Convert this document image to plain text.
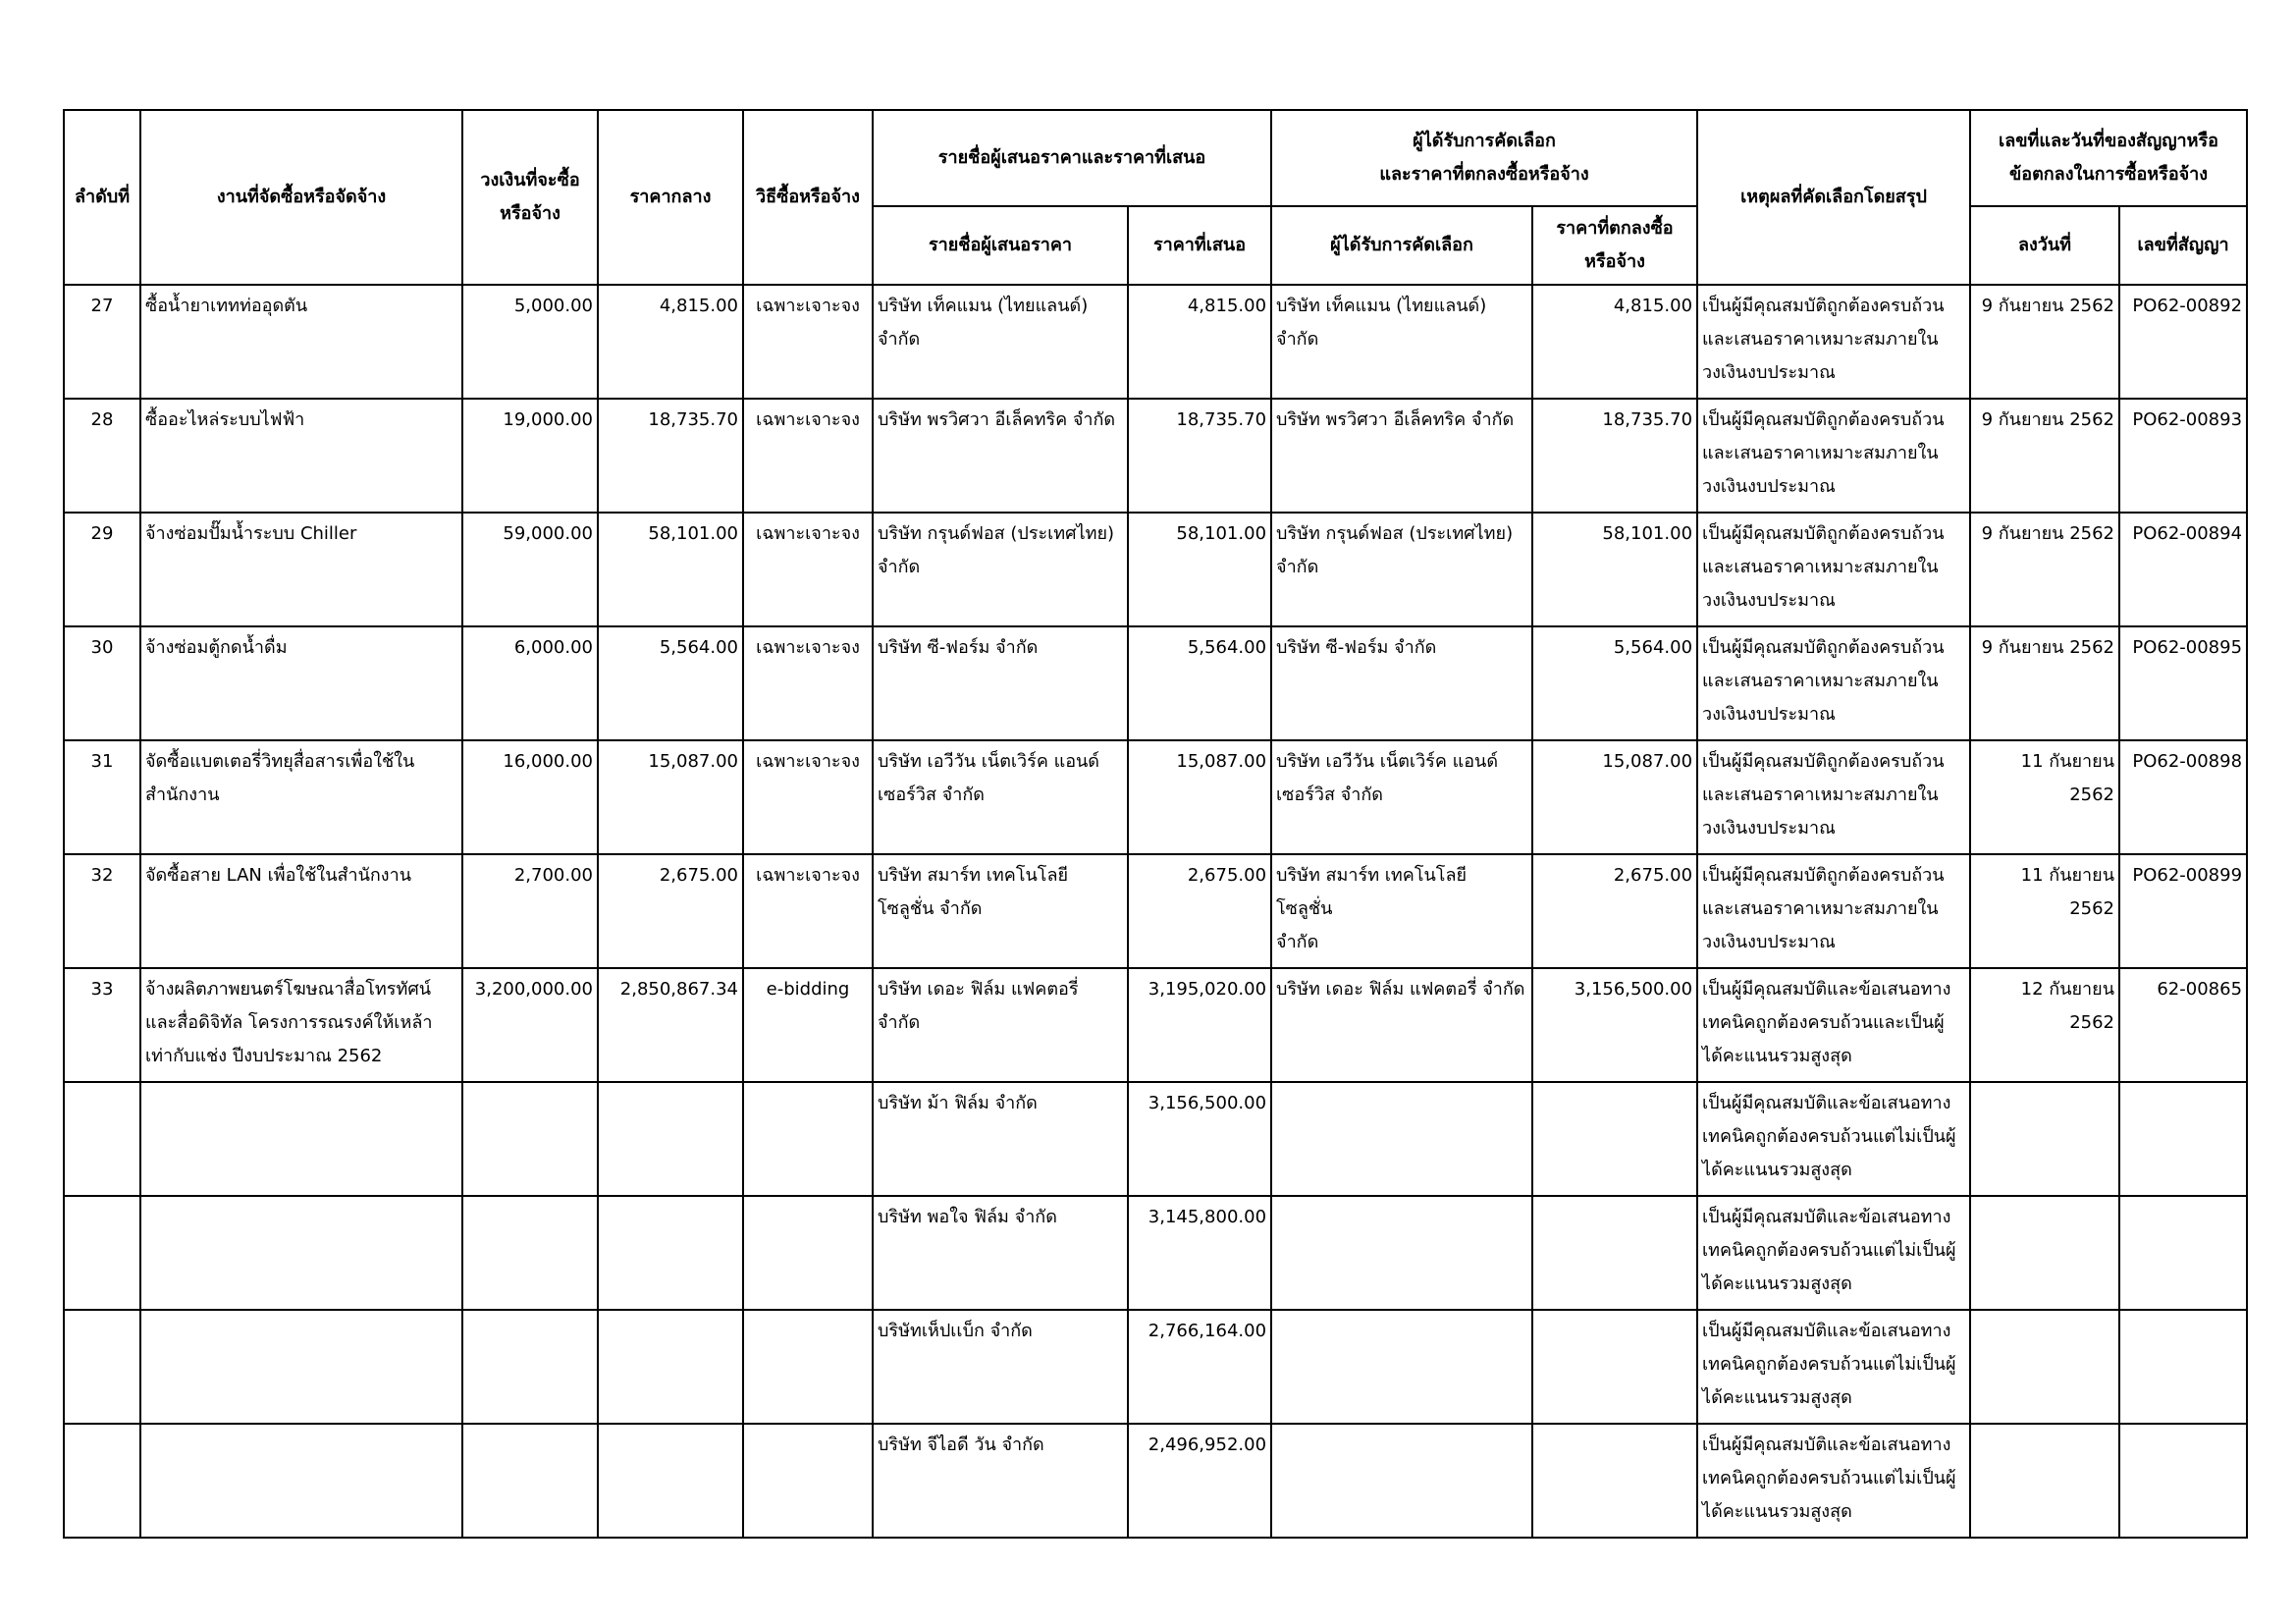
ลำดับที่	งานที่จัดซื้อหรือจัดจ้าง	วงเงินที่จะซื้อ
หรือจ้าง	ราคากลาง	วิธีซื้อหรือจ้าง	รายชื่อผู้เสนอราคาและราคาที่เสนอ		ผู้ได้รับการคัดเลือก
และราคาที่ตกลงซื้อหรือจ้าง		เหตุผลที่คัดเลือกโดยสรุป	เลขที่และวันที่ของสัญญาหรือ
ข้อตกลงในการซื้อหรือจ้าง	
					รายชื่อผู้เสนอราคา	ราคาที่เสนอ	ผู้ได้รับการคัดเลือก	ราคาที่ตกลงซื้อ
หรือจ้าง		ลงวันที่	เลขที่สัญญา
27	ซื้อน้ำยาเททท่ออุดตัน	5,000.00	4,815.00	เฉพาะเจาะจง	บริษัท เท็คแมน (ไทยแลนด์)
จำกัด	4,815.00	บริษัท เท็คแมน (ไทยแลนด์)
จำกัด	4,815.00	เป็นผู้มีคุณสมบัติถูกต้องครบถ้วน
และเสนอราคาเหมาะสมภายใน
วงเงินงบประมาณ	9 กันยายน 2562	PO62-00892
28	ซื้ออะไหล่ระบบไฟฟ้า	19,000.00	18,735.70	เฉพาะเจาะจง	บริษัท พรวิศวา อีเล็คทริค จำกัด	18,735.70	บริษัท พรวิศวา อีเล็คทริค จำกัด	18,735.70	เป็นผู้มีคุณสมบัติถูกต้องครบถ้วน
และเสนอราคาเหมาะสมภายใน
วงเงินงบประมาณ	9 กันยายน 2562	PO62-00893
29	จ้างซ่อมปั๊มน้ำระบบ Chiller	59,000.00	58,101.00	เฉพาะเจาะจง	บริษัท กรุนด์ฟอส (ประเทศไทย)
จำกัด	58,101.00	บริษัท กรุนด์ฟอส (ประเทศไทย)
จำกัด	58,101.00	เป็นผู้มีคุณสมบัติถูกต้องครบถ้วน
และเสนอราคาเหมาะสมภายใน
วงเงินงบประมาณ	9 กันยายน 2562	PO62-00894
30	จ้างซ่อมตู้กดน้ำดื่ม	6,000.00	5,564.00	เฉพาะเจาะจง	บริษัท ซี-ฟอร์ม จำกัด	5,564.00	บริษัท ซี-ฟอร์ม จำกัด	5,564.00	เป็นผู้มีคุณสมบัติถูกต้องครบถ้วน
และเสนอราคาเหมาะสมภายใน
วงเงินงบประมาณ	9 กันยายน 2562	PO62-00895
31	จัดซื้อแบตเตอรี่วิทยุสื่อสารเพื่อใช้ใน
สำนักงาน	16,000.00	15,087.00	เฉพาะเจาะจง	บริษัท เอวีวัน เน็ตเวิร์ค แอนด์
เซอร์วิส จำกัด	15,087.00	บริษัท เอวีวัน เน็ตเวิร์ค แอนด์
เซอร์วิส จำกัด	15,087.00	เป็นผู้มีคุณสมบัติถูกต้องครบถ้วน
และเสนอราคาเหมาะสมภายใน
วงเงินงบประมาณ	11 กันยายน 2562	PO62-00898
32	จัดซื้อสาย LAN เพื่อใช้ในสำนักงาน	2,700.00	2,675.00	เฉพาะเจาะจง	บริษัท สมาร์ท เทคโนโลยี
โซลูชั่น จำกัด	2,675.00	บริษัท สมาร์ท เทคโนโลยี โซลูชั่น
จำกัด	2,675.00	เป็นผู้มีคุณสมบัติถูกต้องครบถ้วน
และเสนอราคาเหมาะสมภายใน
วงเงินงบประมาณ	11 กันยายน 2562	PO62-00899
33	จ้างผลิตภาพยนตร์โฆษณาสื่อโทรทัศน์
และสื่อดิจิทัล โครงการรณรงค์ให้เหล้า
เท่ากับแช่ง ปีงบประมาณ 2562	3,200,000.00	2,850,867.34	e-bidding	บริษัท เดอะ ฟิล์ม แฟคตอรี่
จำกัด	3,195,020.00	บริษัท เดอะ ฟิล์ม แฟคตอรี่ จำกัด	3,156,500.00	เป็นผู้มีคุณสมบัติและข้อเสนอทาง
เทคนิคถูกต้องครบถ้วนและเป็นผู้
ได้คะแนนรวมสูงสุด	12 กันยายน 2562	62-00865
					บริษัท ม้า ฟิล์ม จำกัด	3,156,500.00			เป็นผู้มีคุณสมบัติและข้อเสนอทาง
เทคนิคถูกต้องครบถ้วนแต่ไม่เป็นผู้
ได้คะแนนรวมสูงสุด		
					บริษัท พอใจ ฟิล์ม จำกัด	3,145,800.00			เป็นผู้มีคุณสมบัติและข้อเสนอทาง
เทคนิคถูกต้องครบถ้วนแต่ไม่เป็นผู้
ได้คะแนนรวมสูงสุด		
					บริษัทเห็ปเเบ็ก จำกัด	2,766,164.00			เป็นผู้มีคุณสมบัติและข้อเสนอทาง
เทคนิคถูกต้องครบถ้วนแต่ไม่เป็นผู้
ได้คะแนนรวมสูงสุด		
					บริษัท จีไอดี วัน จำกัด	2,496,952.00			เป็นผู้มีคุณสมบัติและข้อเสนอทาง
เทคนิคถูกต้องครบถ้วนแต่ไม่เป็นผู้
ได้คะแนนรวมสูงสุด		
